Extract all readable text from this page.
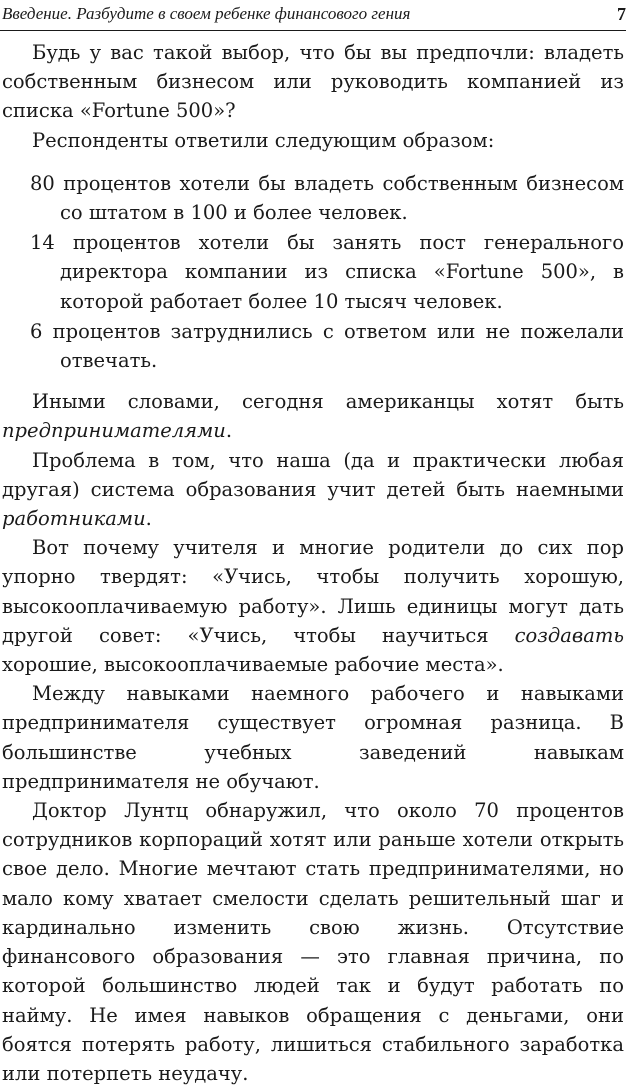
Введение. Разбудите в своем ребенке финансового гения	7

Будь у вас такой выбор, что бы вы предпочли: владеть собственным бизнесом или руководить компанией из списка «Fortune 500»?

Респонденты ответили следующим образом:

80 процентов хотели бы владеть собственным бизнесом со штатом в 100 и более человек.
14 процентов хотели бы занять пост генерального директора компании из списка «Fortune 500», в которой работает более 10 тысяч человек.
6 процентов затруднились с ответом или не пожелали отвечать.

Иными словами, сегодня американцы хотят быть предпринимателями.

Проблема в том, что наша (да и практически любая другая) система образования учит детей быть наемными работниками.

Вот почему учителя и многие родители до сих пор упорно твердят: «Учись, чтобы получить хорошую, высокооплачиваемую работу». Лишь единицы могут дать другой совет: «Учись, чтобы научиться создавать хорошие, высокооплачиваемые рабочие места».

Между навыками наемного рабочего и навыками предпринимателя существует огромная разница. В большинстве учебных заведений навыкам предпринимателя не обучают.

Доктор Лунтц обнаружил, что около 70 процентов сотрудников корпораций хотят или раньше хотели открыть свое дело. Многие мечтают стать предпринимателями, но мало кому хватает смелости сделать решительный шаг и кардинально изменить свою жизнь. Отсутствие финансового образования — это главная причина, по которой большинство людей так и будут работать по найму. Не имея навыков обращения с деньгами, они боятся потерять работу, лишиться стабильного заработка или потерпеть неудачу.
